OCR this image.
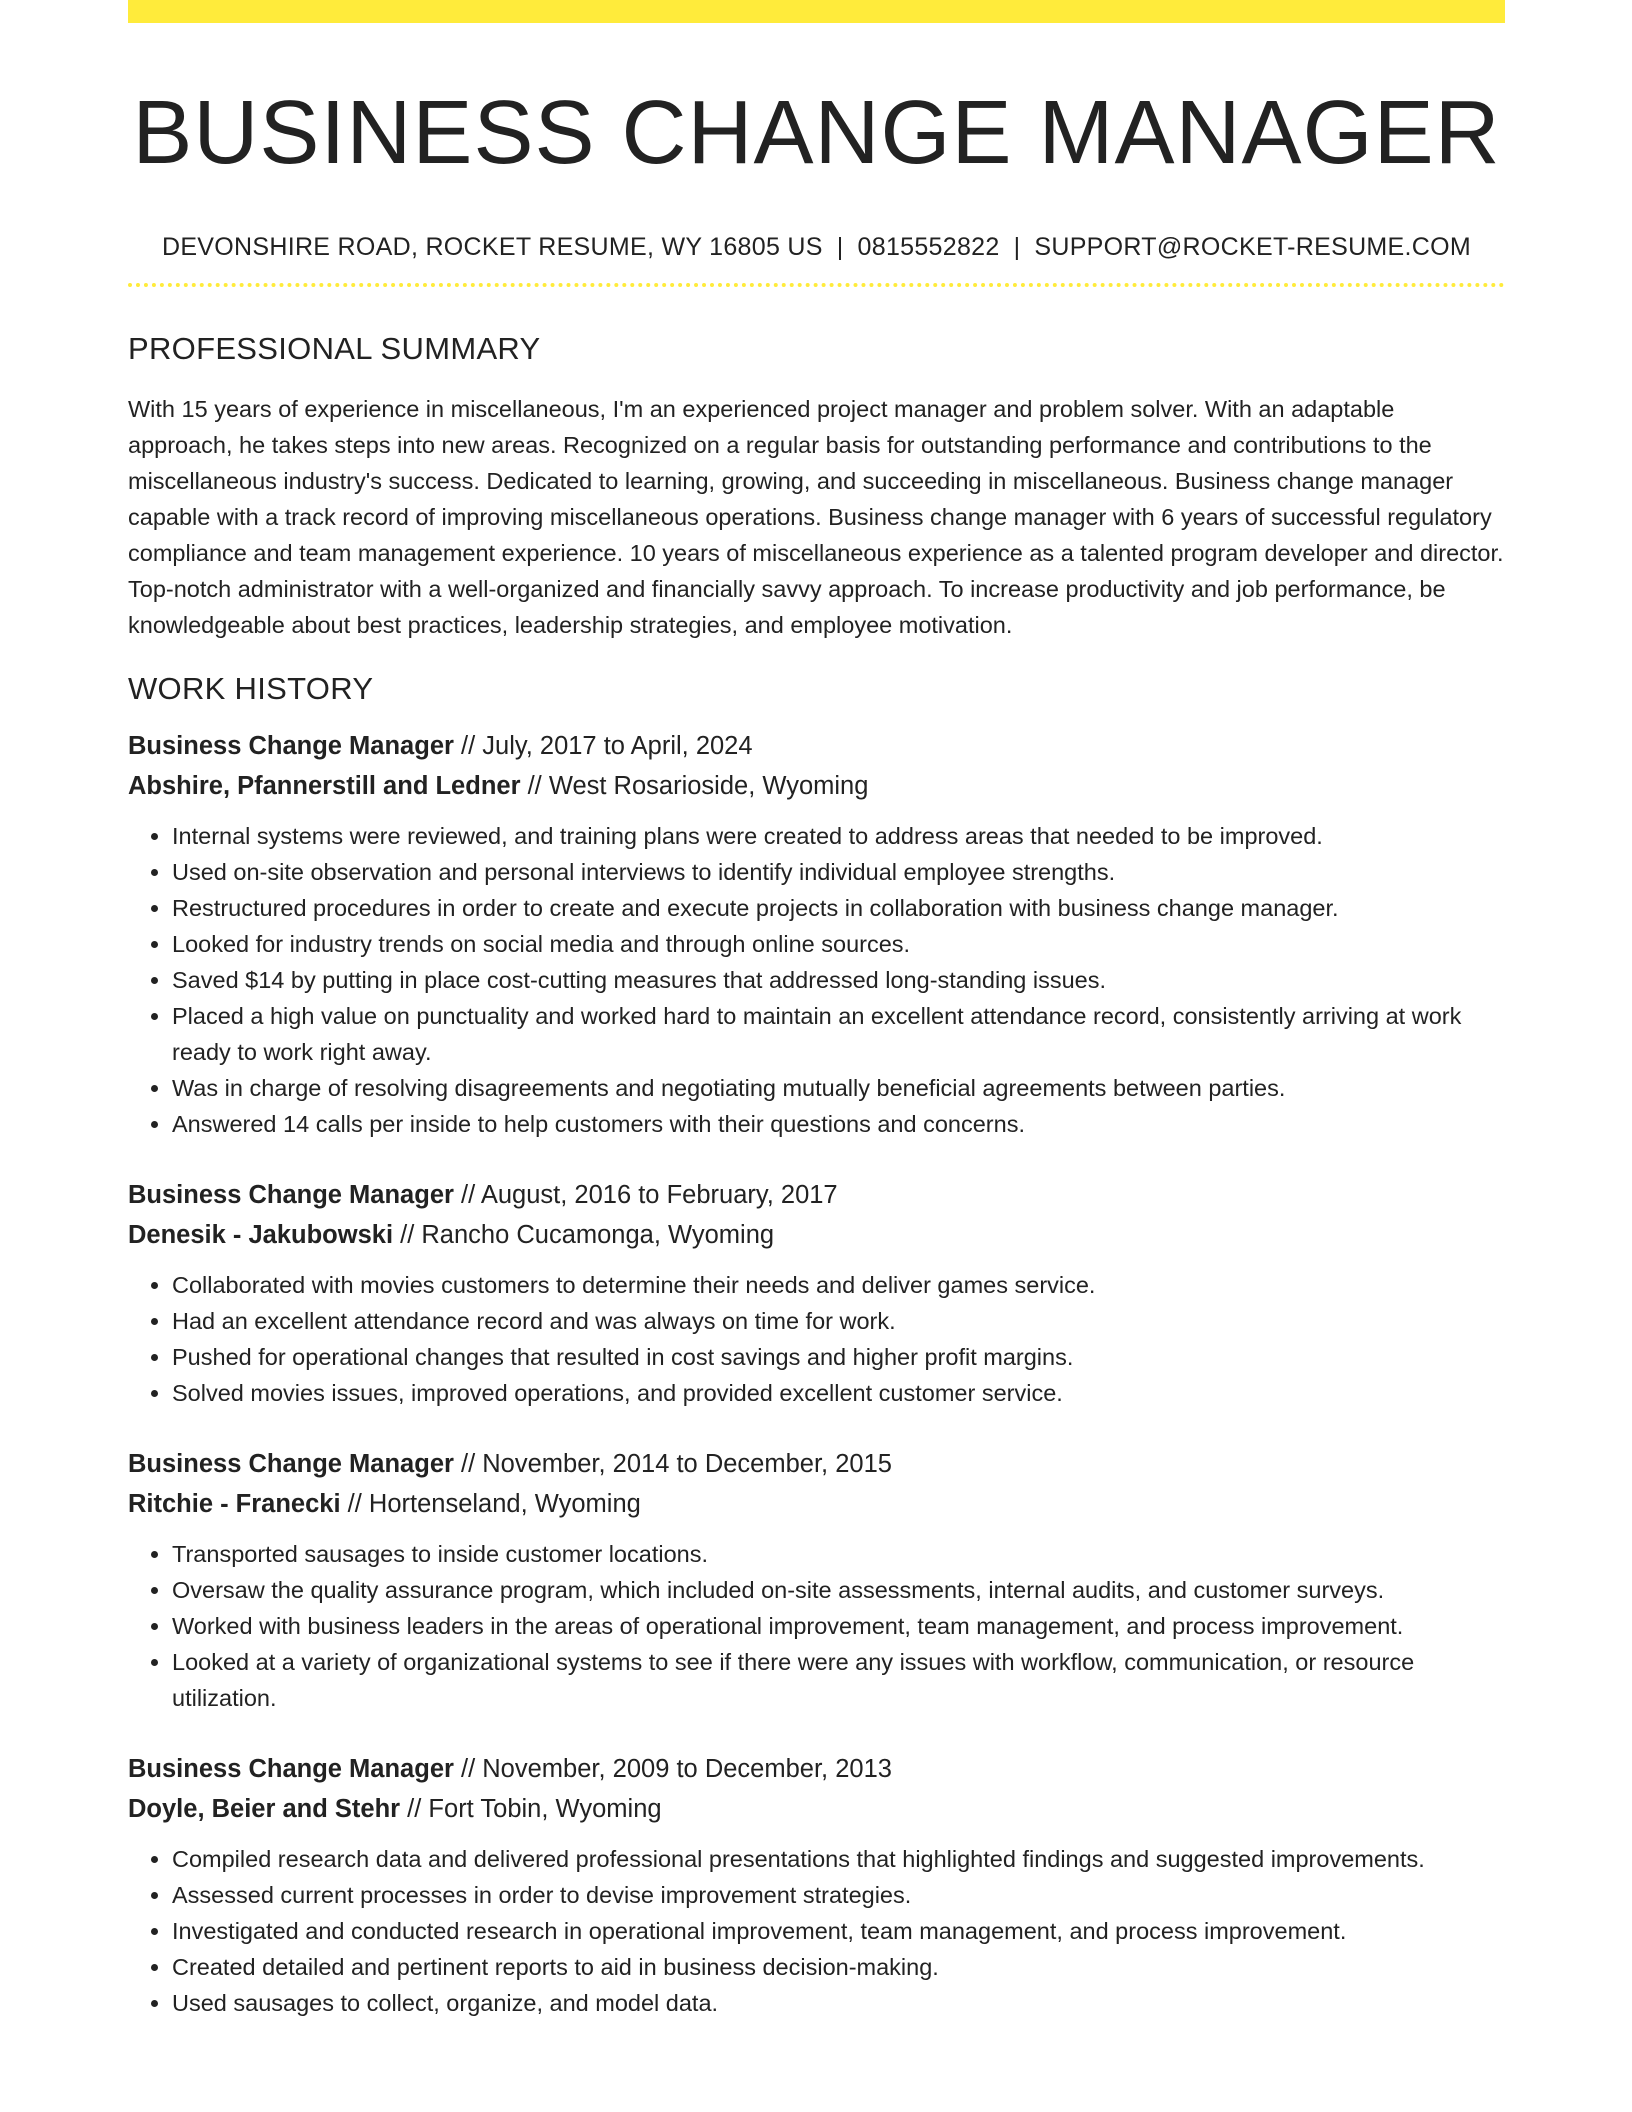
BUSINESS CHANGE MANAGER
DEVONSHIRE ROAD, ROCKET RESUME, WY 16805 US | 0815552822 | SUPPORT@ROCKET-RESUME.COM
PROFESSIONAL SUMMARY

With 15 years of experience in miscellaneous, I'm an experienced project manager and problem solver. With an adaptable approach, he takes steps into new areas. Recognized on a regular basis for outstanding performance and contributions to the miscellaneous industry's success. Dedicated to learning, growing, and succeeding in miscellaneous. Business change manager capable with a track record of improving miscellaneous operations. Business change manager with 6 years of successful regulatory compliance and team management experience. 10 years of miscellaneous experience as a talented program developer and director. Top-notch administrator with a well-organized and financially savvy approach. To increase productivity and job performance, be knowledgeable about best practices, leadership strategies, and employee motivation.

WORK HISTORY
Business Change Manager // July, 2017 to April, 2024
Abshire, Pfannerstill and Ledner // West Rosarioside, Wyoming
• Internal systems were reviewed, and training plans were created to address areas that needed to be improved.
• Used on-site observation and personal interviews to identify individual employee strengths.
• Restructured procedures in order to create and execute projects in collaboration with business change manager.
• Looked for industry trends on social media and through online sources.
• Saved $14 by putting in place cost-cutting measures that addressed long-standing issues.
• Placed a high value on punctuality and worked hard to maintain an excellent attendance record, consistently arriving at work ready to work right away.
• Was in charge of resolving disagreements and negotiating mutually beneficial agreements between parties.
• Answered 14 calls per inside to help customers with their questions and concerns.
Business Change Manager // August, 2016 to February, 2017
Denesik - Jakubowski // Rancho Cucamonga, Wyoming
• Collaborated with movies customers to determine their needs and deliver games service.
• Had an excellent attendance record and was always on time for work.
• Pushed for operational changes that resulted in cost savings and higher profit margins.
• Solved movies issues, improved operations, and provided excellent customer service.
Business Change Manager // November, 2014 to December, 2015
Ritchie - Franecki // Hortenseland, Wyoming
• Transported sausages to inside customer locations.
• Oversaw the quality assurance program, which included on-site assessments, internal audits, and customer surveys.
• Worked with business leaders in the areas of operational improvement, team management, and process improvement.
• Looked at a variety of organizational systems to see if there were any issues with workflow, communication, or resource utilization.
Business Change Manager // November, 2009 to December, 2013
Doyle, Beier and Stehr // Fort Tobin, Wyoming
• Compiled research data and delivered professional presentations that highlighted findings and suggested improvements.
• Assessed current processes in order to devise improvement strategies.
• Investigated and conducted research in operational improvement, team management, and process improvement.
• Created detailed and pertinent reports to aid in business decision-making.
• Used sausages to collect, organize, and model data.
